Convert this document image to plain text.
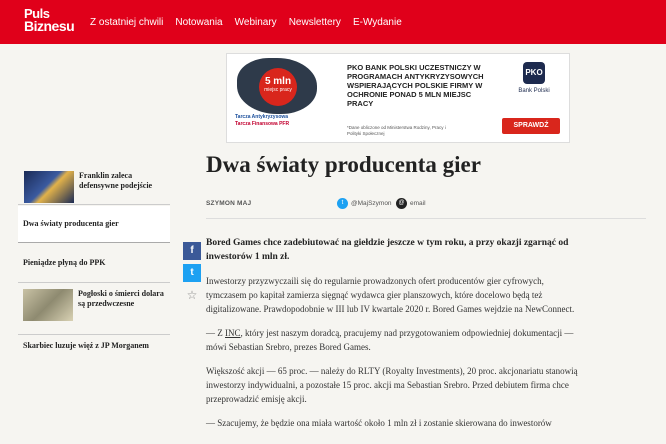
Puls
Biznesu Z ostatniej chwili Notowania Webinary Newslettery E-Wydanie
5 mln
miejsc pracy
Tarcza Antykryzysowa
Tarcza Finansowa PFR
PKO BANK POLSKI UCZESTNICZY W PROGRAMACH ANTYKRYZYSOWYCH WSPIERAJĄCYCH POLSKIE FIRMY W OCHRONIE PONAD 5 MLN MIEJSC PRACY
*Dane obliczone od Ministerstwa Rodziny, Pracy i Polityki Społecznej
PKO
Bank Polski
SPRAWDŹ
Franklin zaleca defensywne podejście
Dwa światy producenta gier
Pieniądze płyną do PPK
Pogłoski o śmierci dolara są przedwczesne
Skarbiec luzuje więź z JP Morganem
f
t
☆
Dwa światy producenta gier
SZYMON MAJ	t	@MajSzymon	@ email

Bored Games chce zadebiutować na giełdzie jeszcze w tym roku, a przy okazji zgarnąć od inwestorów 1 mln zł.

Inwestorzy przyzwyczaili się do regularnie prowadzonych ofert producentów gier cyfrowych, tymczasem po kapitał zamierza sięgnąć wydawca gier planszowych, które docelowo będą też digitalizowane. Prawdopodobnie w III lub IV kwartale 2020 r. Bored Games wejdzie na NewConnect.

— Z INC, który jest naszym doradcą, pracujemy nad przygotowaniem odpowiedniej dokumentacji — mówi Sebastian Srebro, prezes Bored Games.

Większość akcji — 65 proc. — należy do RLTY (Royalty Investments), 20 proc. akcjonariatu stanowią inwestorzy indywidualni, a pozostałe 15 proc. akcji ma Sebastian Srebro. Przed debiutem firma chce przeprowadzić emisję akcji.

— Szacujemy, że będzie ona miała wartość około 1 mln zł i zostanie skierowana do inwestorów
